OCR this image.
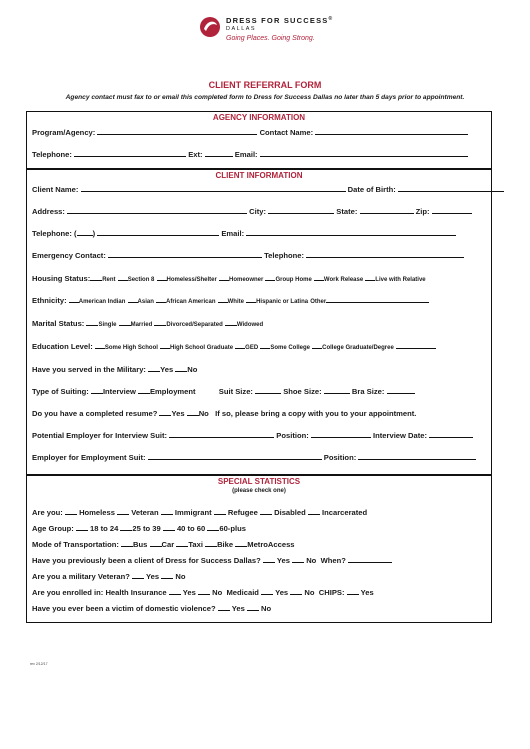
DRESS FOR SUCCESS®
DALLAS
Going Places. Going Strong.
CLIENT REFERRAL FORM
Agency contact must fax to or email this completed form to Dress for Success Dallas no later than 5 days prior to appointment.
AGENCY INFORMATION
Program/Agency:	Contact Name:
Telephone:	Ext:	Email:
CLIENT INFORMATION
Client Name:	Date of Birth:
Address:	City:	State:	Zip:
Telephone: ( )	Email:
Emergency Contact:	Telephone:
Housing Status: Rent Section 8 Homeless/Shelter Homeowner Group Home Work Release Live with Relative
Ethnicity: American Indian Asian African American White Hispanic or Latina Other
Marital Status: Single Married Divorced/Separated Widowed
Education Level: Some High School High School Graduate GED Some College College Graduate/Degree
Have you served in the Military: Yes No
Type of Suiting: Interview Employment	Suit Size:	Shoe Size:	Bra Size:
Do you have a completed resume? Yes No If so, please bring a copy with you to your appointment.
Potential Employer for Interview Suit:	Position:	Interview Date:
Employer for Employment Suit:	Position:
SPECIAL STATISTICS
(please check one)
Are you: Homeless Veteran Immigrant Refugee Disabled Incarcerated
Age Group: 18 to 24 25 to 39 40 to 60 60-plus
Mode of Transportation: Bus Car Taxi Bike MetroAccess
Have you previously been a client of Dress for Success Dallas? Yes No When?
Are you a military Veteran? Yes No
Are you enrolled in: Health Insurance Yes No Medicaid Yes No CHIPS: Yes
Have you ever been a victim of domestic violence? Yes No
rev 2/12/17
